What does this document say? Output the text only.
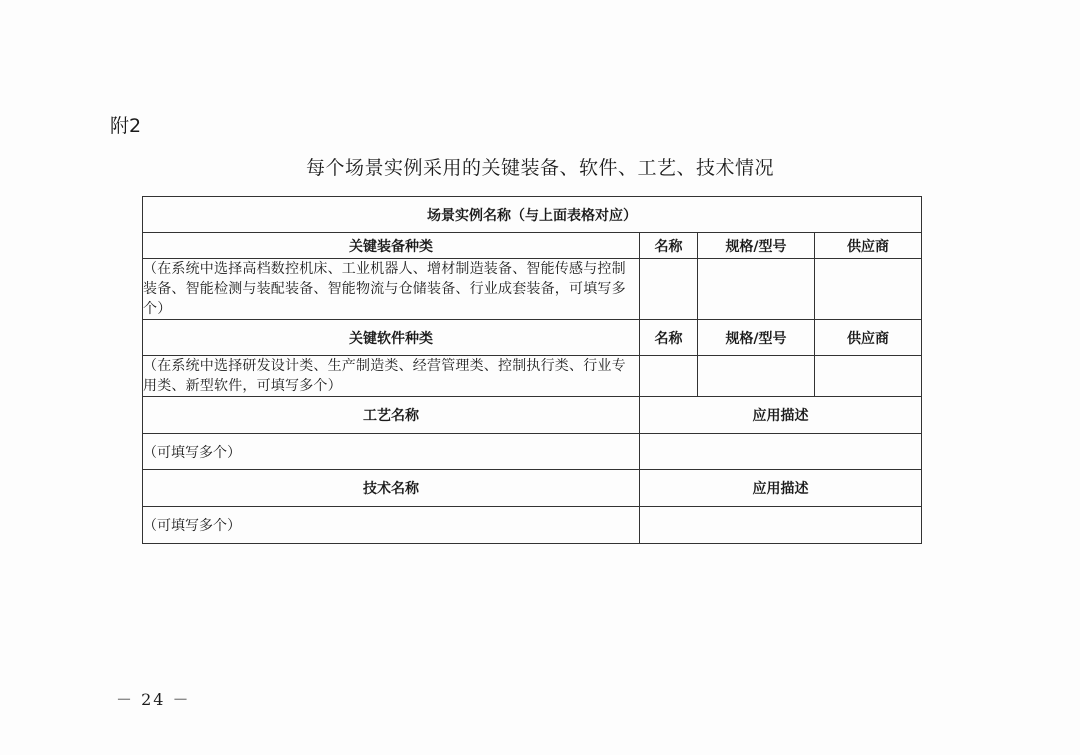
附2
每个场景实例采用的关键装备、软件、工艺、技术情况
场景实例名称（与上面表格对应）			
关键装备种类	名称	规格/型号	供应商
（在系统中选择高档数控机床、工业机器人、增材制造装备、智能传感与控制装备、智能检测与装配装备、智能物流与仓储装备、行业成套装备，可填写多个）			
关键软件种类	名称	规格/型号	供应商
（在系统中选择研发设计类、生产制造类、经营管理类、控制执行类、行业专用类、新型软件，可填写多个）			
工艺名称	应用描述		
（可填写多个）			
技术名称	应用描述		
（可填写多个）			
－ 24 －
